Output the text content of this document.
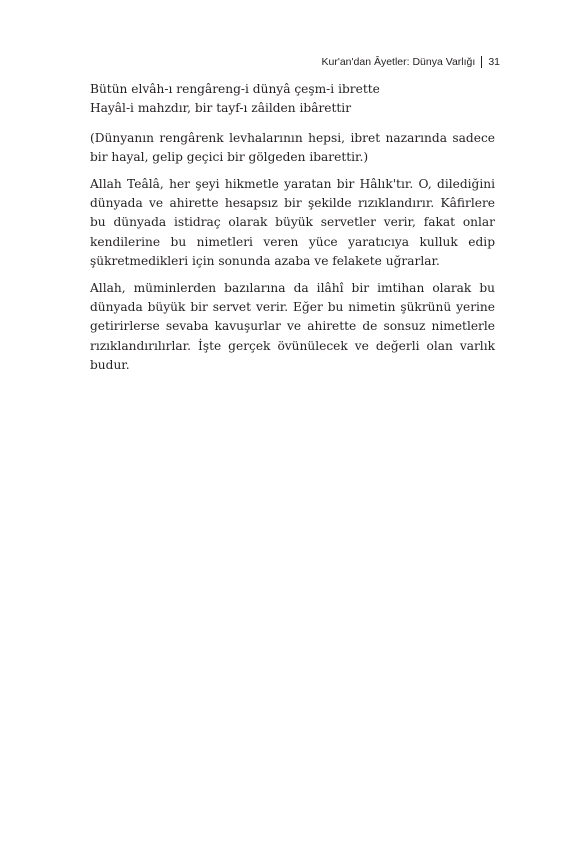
Kur'an'dan Âyetler: Dünya Varlığı 31
Bütün elvâh-ı rengâreng-i dünyâ çeşm-i ibrette
Hayâl-i mahzdır, bir tayf-ı zâilden ibârettir

(Dünyanın rengârenk levhalarının hepsi, ibret nazarında sadece bir hayal, gelip geçici bir gölgeden ibarettir.)

Allah Teâlâ, her şeyi hikmetle yaratan bir Hâlık'tır. O, dilediğini dünyada ve ahirette hesapsız bir şekilde rızıklandırır. Kâfirlere bu dünyada istidraç olarak büyük servetler verir, fakat onlar kendilerine bu nimetleri veren yüce yaratıcıya kulluk edip şükretmedikleri için sonunda azaba ve felakete uğrarlar.

Allah, müminlerden bazılarına da ilâhî bir imtihan olarak bu dünyada büyük bir servet verir. Eğer bu nimetin şükrünü yerine getirirlerse sevaba kavuşurlar ve ahirette de sonsuz nimetlerle rızıklandırılırlar. İşte gerçek övünülecek ve değerli olan varlık budur.
